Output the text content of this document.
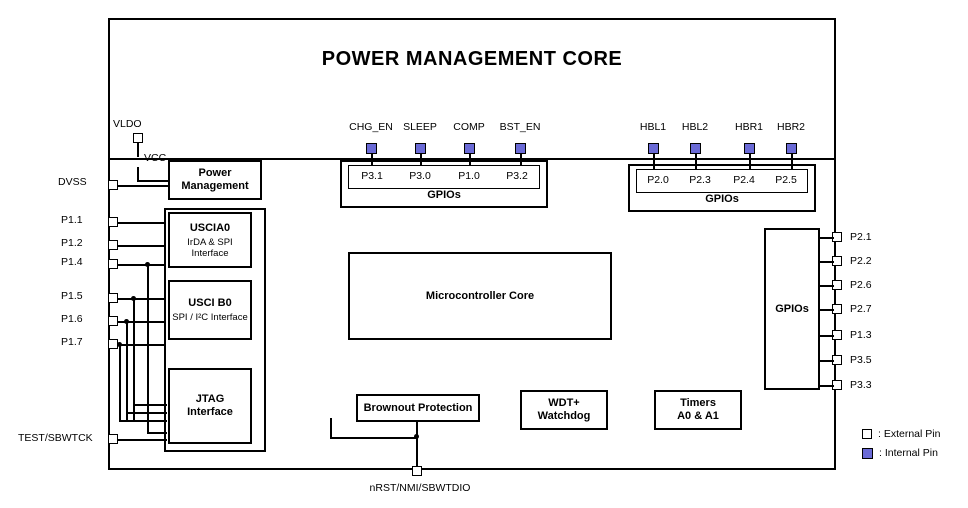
POWER MANAGEMENT CORE
VLDO
VCC
DVSS
P1.1
P1.2
P1.4
P1.5
P1.6
P1.7
TEST/SBWTCK
Power
Management
USCIA0
IrDA & SPI Interface
USCI B0
SPI / I²C Interface
JTAG
Interface
GPIOs
P3.1	P3.0	P1.0	P3.2
CHG_EN SLEEP	COMP	BST_EN
GPIOs
P2.0	P2.3	P2.4	P2.5
HBL1	HBL2	HBR1	HBR2
Microcontroller Core
GPIOs
P2.1
P2.2
P2.6
P2.7
P1.3
P3.5
P3.3
Brownout Protection	WDT+
Watchdog
Timers
A0 & A1
nRST/NMI/SBWTDIO
: External Pin
: Internal Pin
